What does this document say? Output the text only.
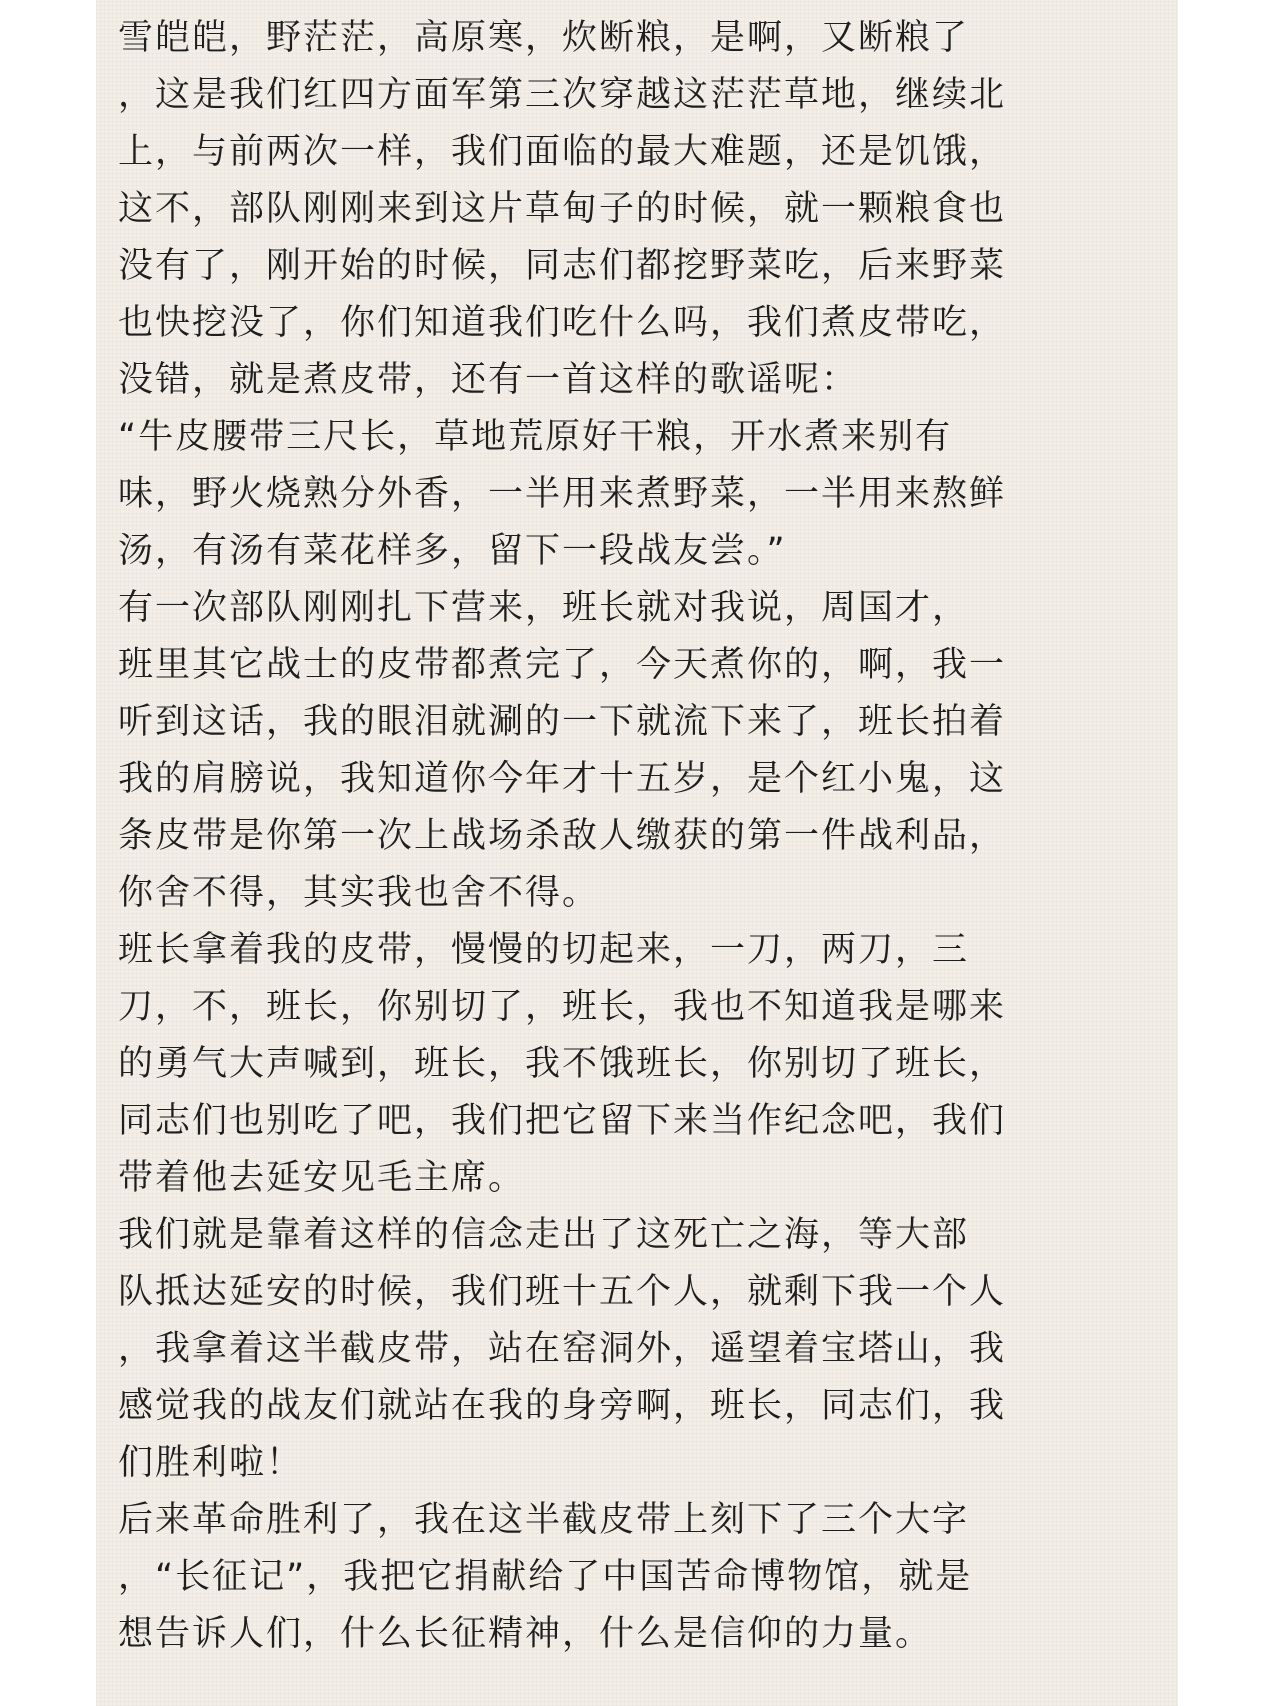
雪皑皑，野茫茫，高原寒，炊断粮，是啊，又断粮了
，这是我们红四方面军第三次穿越这茫茫草地，继续北
上，与前两次一样，我们面临的最大难题，还是饥饿，
这不，部队刚刚来到这片草甸子的时候，就一颗粮食也
没有了，刚开始的时候，同志们都挖野菜吃，后来野菜
也快挖没了，你们知道我们吃什么吗，我们煮皮带吃，
没错，就是煮皮带，还有一首这样的歌谣呢：
“牛皮腰带三尺长，草地荒原好干粮，开水煮来别有
味，野火烧熟分外香，一半用来煮野菜，一半用来熬鲜
汤，有汤有菜花样多，留下一段战友尝。”
有一次部队刚刚扎下营来，班长就对我说，周国才，
班里其它战士的皮带都煮完了，今天煮你的，啊，我一
听到这话，我的眼泪就涮的一下就流下来了，班长拍着
我的肩膀说，我知道你今年才十五岁，是个红小鬼，这
条皮带是你第一次上战场杀敌人缴获的第一件战利品，
你舍不得，其实我也舍不得。
班长拿着我的皮带，慢慢的切起来，一刀，两刀，三
刀，不，班长，你别切了，班长，我也不知道我是哪来
的勇气大声喊到，班长，我不饿班长，你别切了班长，
同志们也别吃了吧，我们把它留下来当作纪念吧，我们
带着他去延安见毛主席。
我们就是靠着这样的信念走出了这死亡之海，等大部
队抵达延安的时候，我们班十五个人，就剩下我一个人
，我拿着这半截皮带，站在窑洞外，遥望着宝塔山，我
感觉我的战友们就站在我的身旁啊，班长，同志们，我
们胜利啦！
后来革命胜利了，我在这半截皮带上刻下了三个大字
，“长征记”，我把它捐献给了中国苦命博物馆，就是
想告诉人们，什么长征精神，什么是信仰的力量。
